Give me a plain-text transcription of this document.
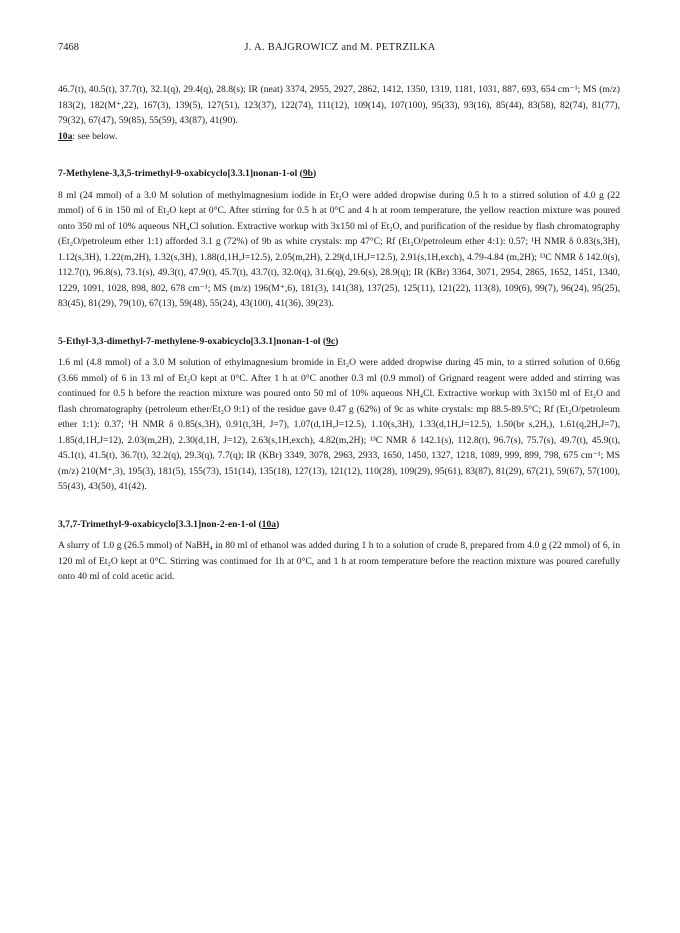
7468	J. A. BAJGROWICZ and M. PETRZILKA

46.7(t), 40.5(t), 37.7(t), 32.1(q), 29.4(q), 28.8(s); IR (neat) 3374, 2955, 2927, 2862, 1412, 1350, 1319, 1181, 1031, 887, 693, 654 cm⁻¹; MS (m/z) 183(2), 182(M⁺,22), 167(3), 139(5), 127(51), 123(37), 122(74), 111(12), 109(14), 107(100), 95(33), 93(16), 85(44), 83(58), 82(74), 81(77), 79(32), 67(47), 59(85), 55(59), 43(87), 41(90).

10a: see below.

7-Methylene-3,3,5-trimethyl-9-oxabicyclo[3.3.1]nonan-1-ol (9b)

8 ml (24 mmol) of a 3.0 M solution of methylmagnesium iodide in Et₂O were added dropwise during 0.5 h to a stirred solution of 4.0 g (22 mmol) of 6 in 150 ml of Et₂O kept at 0°C. After stirring for 0.5 h at 0°C and 4 h at room temperature, the yellow reaction mixture was poured onto 350 ml of 10% aqueous NH₄Cl solution. Extractive workup with 3x150 ml of Et₂O, and purification of the residue by flash chromatography (Et₂O/petroleum ether 1:1) afforded 3.1 g (72%) of 9b as white crystals: mp 47°C; Rf (Et₂O/petroleum ether 4:1): 0.57; ¹H NMR δ 0.83(s,3H), 1.12(s,3H), 1.22(m,2H), 1.32(s,3H), 1.88(d,1H,J=12.5), 2.05(m,2H), 2.29(d,1H,J=12.5), 2.91(s,1H,exch), 4.79-4.84 (m,2H); ¹³C NMR δ 142.0(s), 112.7(t), 96.8(s), 73.1(s), 49.3(t), 47.9(t), 45.7(t), 43.7(t), 32.0(q), 31.6(q), 29.6(s), 28.9(q); IR (KBr) 3364, 3071, 2954, 2865, 1652, 1451, 1340, 1229, 1091, 1028, 898, 802, 678 cm⁻¹; MS (m/z) 196(M⁺,6), 181(3), 141(38), 137(25), 125(11), 121(22), 113(8), 109(6), 99(7), 96(24), 95(25), 83(45), 81(29), 79(10), 67(13), 59(48), 55(24), 43(100), 41(36), 39(23).

5-Ethyl-3,3-dimethyl-7-methylene-9-oxabicyclo[3.3.1]nonan-1-ol (9c)

1.6 ml (4.8 mmol) of a 3.0 M solution of ethylmagnesium bromide in Et₂O were added dropwise during 45 min, to a stirred solution of 0.66g (3.66 mmol) of 6 in 13 ml of Et₂O kept at 0°C. After 1 h at 0°C another 0.3 ml (0.9 mmol) of Grignard reagent were added and stirring was continued for 0.5 h before the reaction mixture was poured onto 50 ml of 10% aqueous NH₄Cl. Extractive workup with 3x150 ml of Et₂O and flash chromatography (petroleum ether/Et₂O 9:1) of the residue gave 0.47 g (62%) of 9c as white crystals: mp 88.5-89.5°C; Rf (Et₂O/petroleum ether 1:1): 0.37; ¹H NMR δ 0.85(s,3H), 0.91(t,3H, J=7), 1.07(d,1H,J=12.5), 1.10(s,3H), 1.33(d,1H,J=12.5), 1.50(br s,2H,), 1.61(q,2H,J=7), 1.85(d,1H,J=12), 2.03(m,2H), 2.30(d,1H, J=12), 2.63(s,1H,exch), 4.82(m,2H); ¹³C NMR δ 142.1(s), 112.8(t), 96.7(s), 75.7(s), 49.7(t), 45.9(t), 45.1(t), 41.5(t), 36.7(t), 32.2(q), 29.3(q), 7.7(q); IR (KBr) 3349, 3078, 2963, 2933, 1650, 1450, 1327, 1218, 1089, 999, 899, 798, 675 cm⁻¹; MS (m/z) 210(M⁺,3), 195(3), 181(5), 155(73), 151(14), 135(18), 127(13), 121(12), 110(28), 109(29), 95(61), 83(87), 81(29), 67(21), 59(67), 57(100), 55(43), 43(50), 41(42).

3,7,7-Trimethyl-9-oxabicyclo[3.3.1]non-2-en-1-ol (10a)

A slurry of 1.0 g (26.5 mmol) of NaBH₄ in 80 ml of ethanol was added during 1 h to a solution of crude 8, prepared from 4.0 g (22 mmol) of 6, in 120 ml of Et₂O kept at 0°C. Stirring was continued for 1h at 0°C, and 1 h at room temperature before the reaction mixture was poured carefully onto 40 ml of cold acetic acid.
